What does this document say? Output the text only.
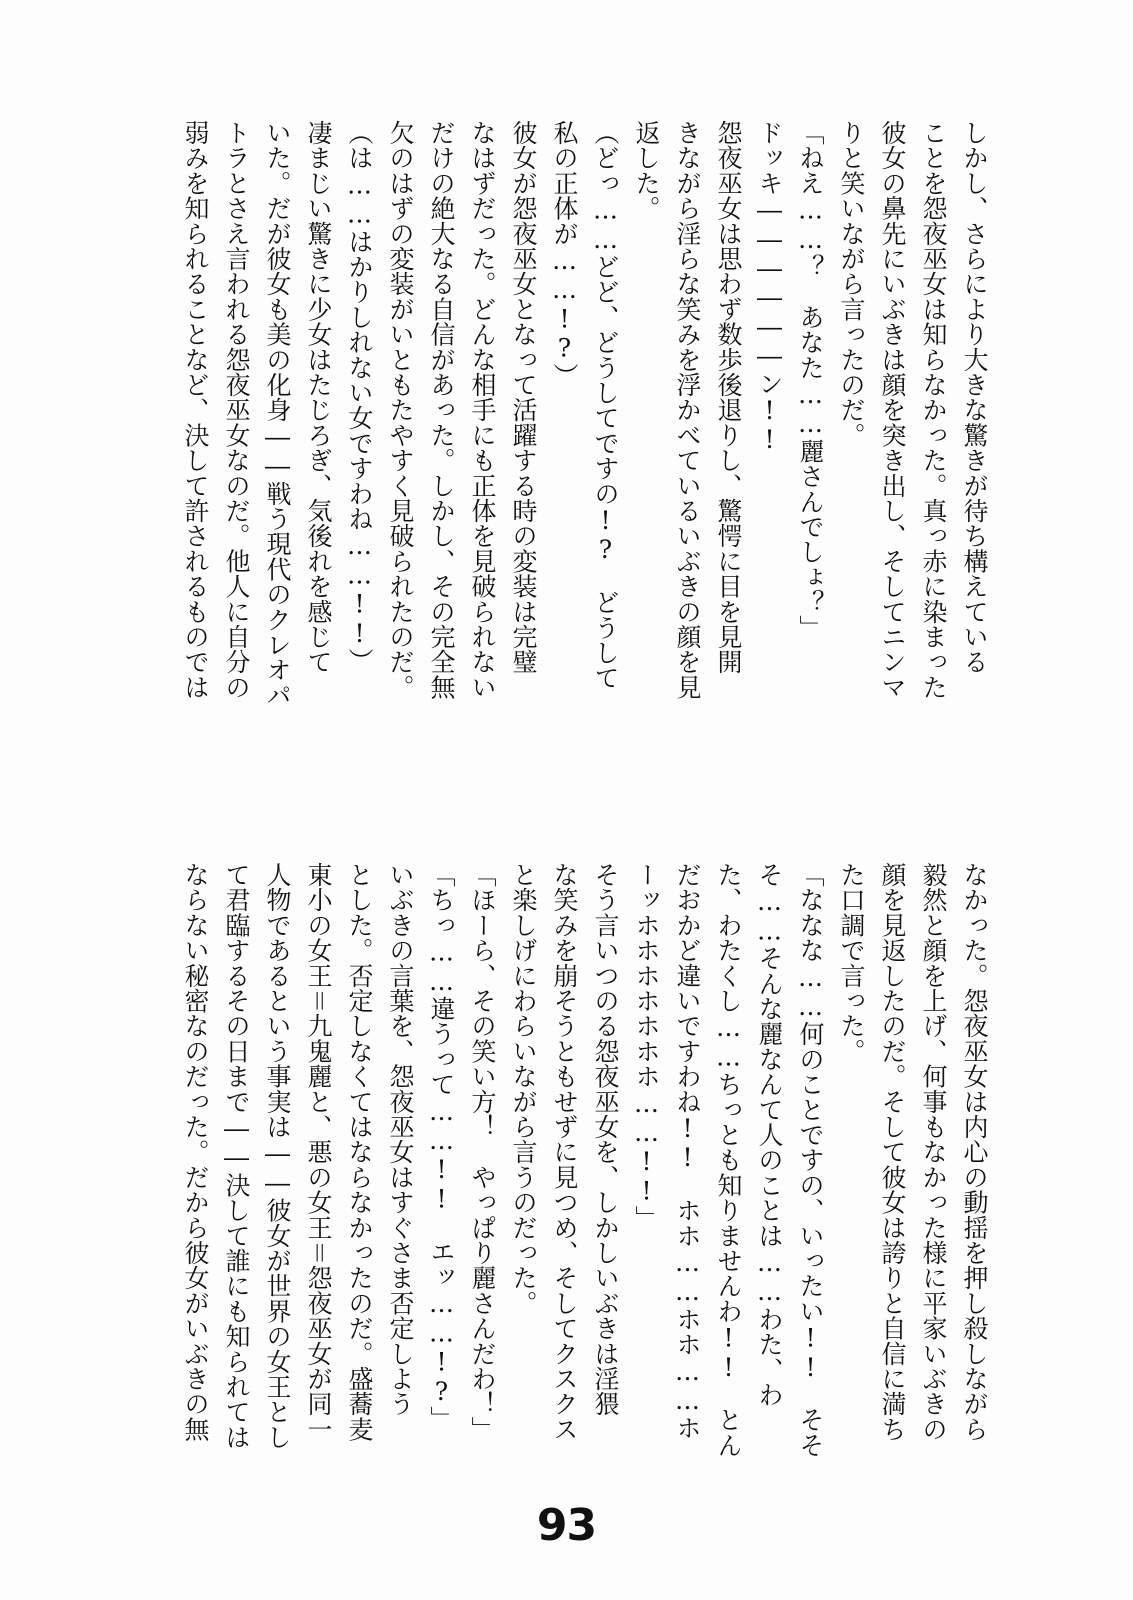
しかし、さらにより大きな驚きが待ち構えている
ことを怨夜巫女は知らなかった。真っ赤に染まった
彼女の鼻先にいぶきは顔を突き出し、そしてニンマ
りと笑いながら言ったのだ。
「ねえ……？　あなた……麗さんでしょ？」
ドッキ――――――ン!!
怨夜巫女は思わず数歩後退りし、驚愕に目を見開
きながら淫らな笑みを浮かべているいぶきの顔を見
返した。
（どっ……どど、どうしてですの!?　どうして
私の正体が……!?）
彼女が怨夜巫女となって活躍する時の変装は完璧
なはずだった。どんな相手にも正体を見破られない
だけの絶大なる自信があった。しかし、その完全無
欠のはずの変装がいともたやすく見破られたのだ。
（は……はかりしれない女ですわね……!!）
凄まじい驚きに少女はたじろぎ、気後れを感じて
いた。だが彼女も美の化身――戦う現代のクレオパ
トラとさえ言われる怨夜巫女なのだ。他人に自分の
弱みを知られることなど、決して許されるものでは
なかった。怨夜巫女は内心の動揺を押し殺しながら
毅然と顔を上げ、何事もなかった様に平家いぶきの
顔を見返したのだ。そして彼女は誇りと自信に満ち
た口調で言った。
「ななな……何のことですの、いったい!!　そそ
そ……そんな麗なんて人のことは……わた、わ
た、わたくし……ちっとも知りませんわ!!　とん
だおかど違いですわね!!　ホホ……ホホ……ホ
ーッホホホホホホホ……!!」
そう言いつのる怨夜巫女を、しかしいぶきは淫猥
な笑みを崩そうともせずに見つめ、そしてクスクス
と楽しげにわらいながら言うのだった。
「ほーら、その笑い方！　やっぱり麗さんだわ！」
「ちっ……違うって……!!　エッ……!?」
いぶきの言葉を、怨夜巫女はすぐさま否定しよう
とした。否定しなくてはならなかったのだ。盛蕎麦
東小の女王＝九鬼麗と、悪の女王＝怨夜巫女が同一
人物であるという事実は――彼女が世界の女王とし
て君臨するその日まで――決して誰にも知られては
ならない秘密なのだった。だから彼女がいぶきの無
93
